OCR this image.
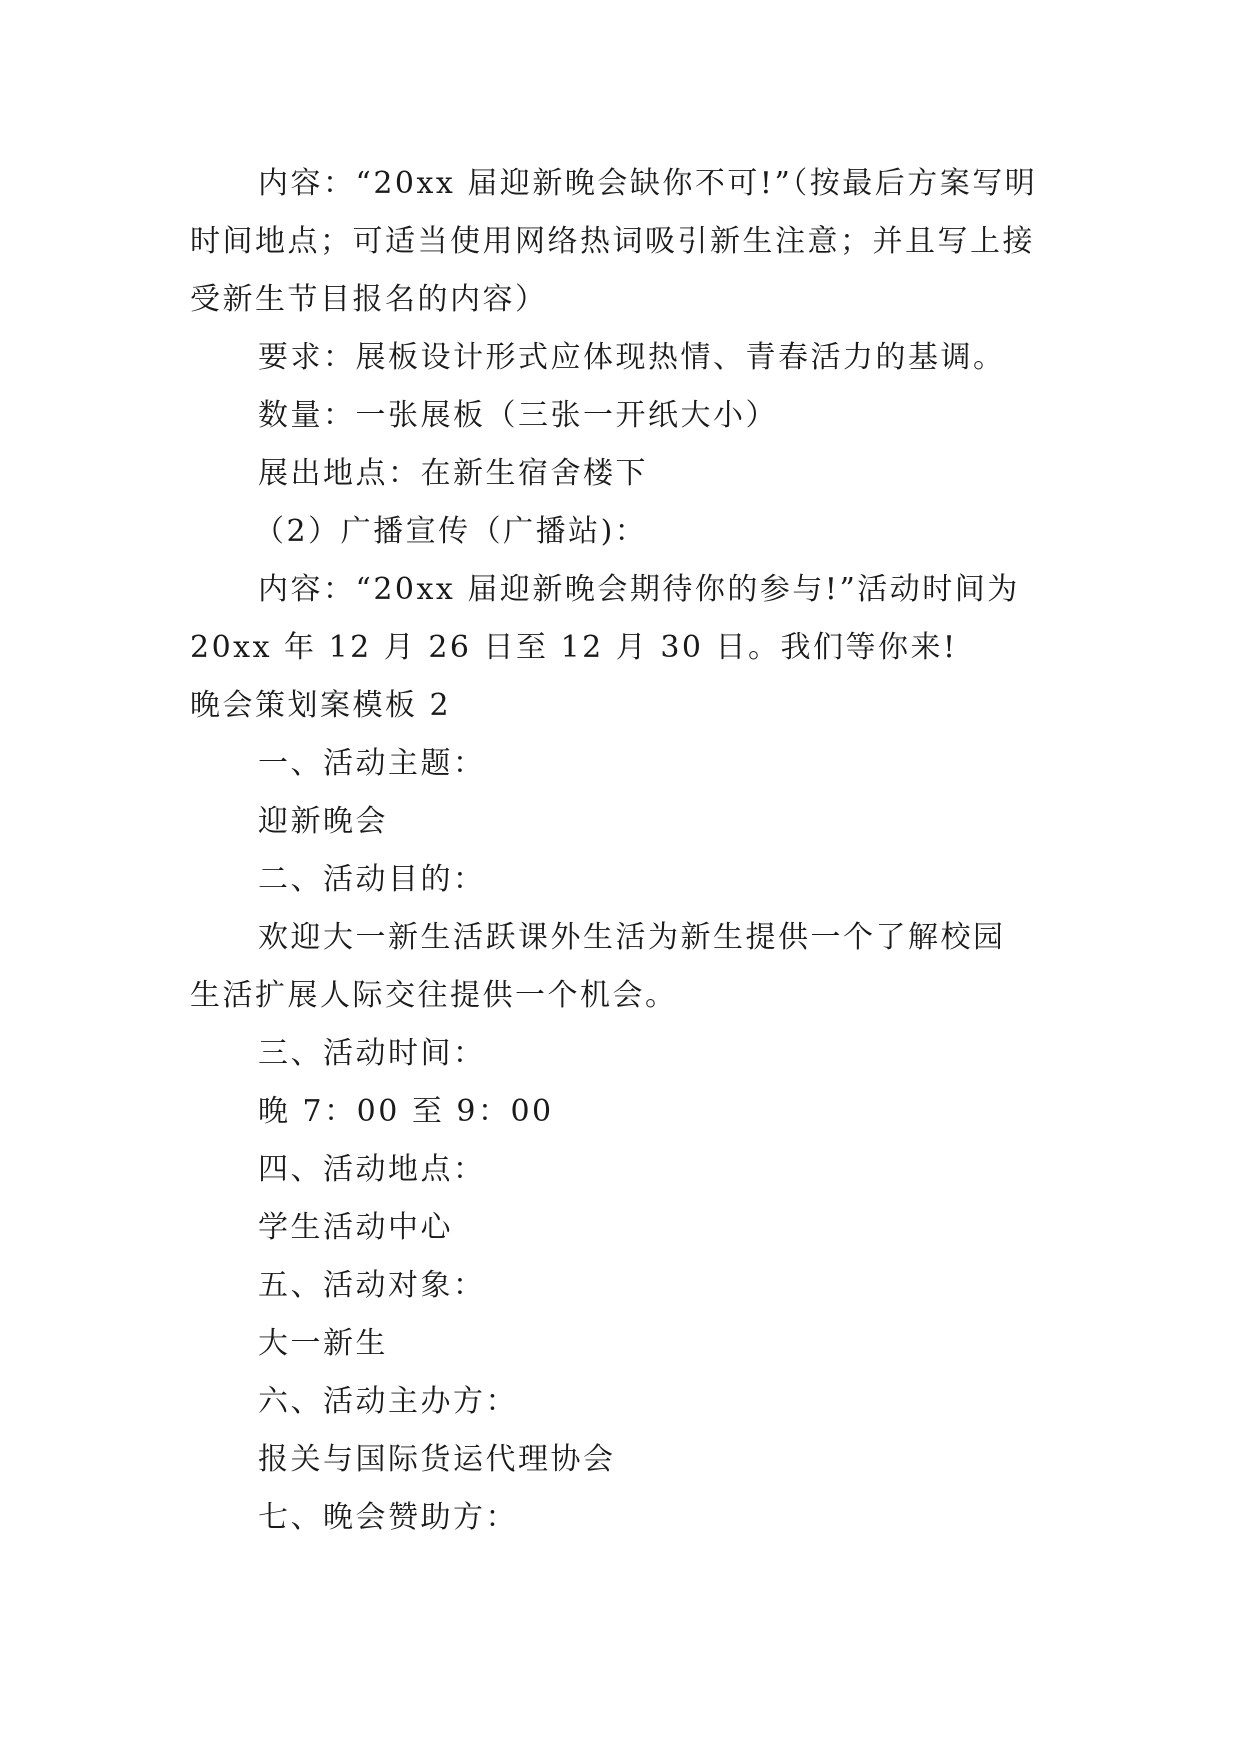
内容：“20xx 届迎新晚会缺你不可!”（按最后方案写明
时间地点；可适当使用网络热词吸引新生注意；并且写上接
受新生节目报名的内容）
要求：展板设计形式应体现热情、青春活力的基调。
数量：一张展板（三张一开纸大小）
展出地点：在新生宿舍楼下
（2）广播宣传（广播站)：
内容：“20xx 届迎新晚会期待你的参与!”活动时间为
20xx 年 12 月 26 日至 12 月 30 日。我们等你来!
晚会策划案模板 2
一、活动主题：
迎新晚会
二、活动目的：
欢迎大一新生活跃课外生活为新生提供一个了解校园
生活扩展人际交往提供一个机会。
三、活动时间：
晚 7：00 至 9：00
四、活动地点：
学生活动中心
五、活动对象：
大一新生
六、活动主办方：
报关与国际货运代理协会
七、晚会赞助方：
